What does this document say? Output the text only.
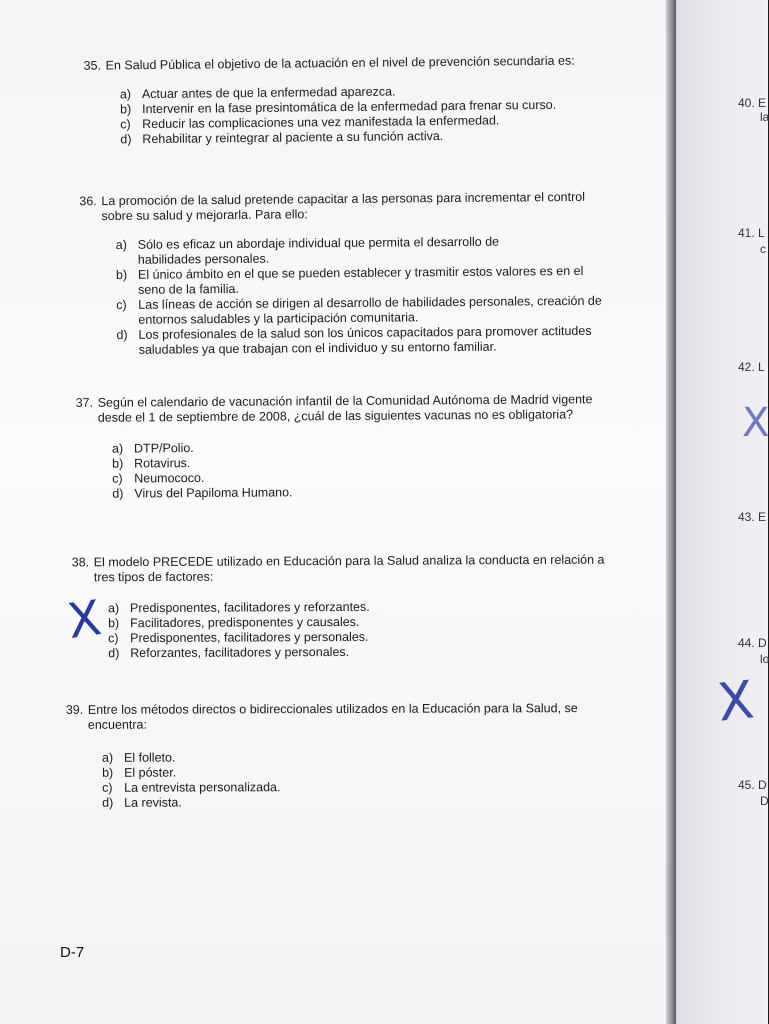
35. En Salud Pública el objetivo de la actuación en el nivel de prevención secundaria es:
a) Actuar antes de que la enfermedad aparezca.
b) Intervenir en la fase presintomática de la enfermedad para frenar su curso.
c) Reducir las complicaciones una vez manifestada la enfermedad.
d) Rehabilitar y reintegrar al paciente a su función activa.
36. La promoción de la salud pretende capacitar a las personas para incrementar el control sobre su salud y mejorarla. Para ello:
a) Sólo es eficaz un abordaje individual que permita el desarrollo de habilidades personales.
b) El único ámbito en el que se pueden establecer y trasmitir estos valores es en el seno de la familia.
c) Las líneas de acción se dirigen al desarrollo de habilidades personales, creación de entornos saludables y la participación comunitaria.
d) Los profesionales de la salud son los únicos capacitados para promover actitudes saludables ya que trabajan con el individuo y su entorno familiar.
37. Según el calendario de vacunación infantil de la Comunidad Autónoma de Madrid vigente desde el 1 de septiembre de 2008, ¿cuál de las siguientes vacunas no es obligatoria?
a) DTP/Polio.
b) Rotavirus.
c) Neumococo.
d) Virus del Papiloma Humano.
38. El modelo PRECEDE utilizado en Educación para la Salud analiza la conducta en relación a tres tipos de factores:
a) Predisponentes, facilitadores y reforzantes.
b) Facilitadores, predisponentes y causales.
c) Predisponentes, facilitadores y personales.
d) Reforzantes, facilitadores y personales.
X
39. Entre los métodos directos o bidireccionales utilizados en la Educación para la Salud, se encuentra:
a) El folleto.
b) El póster.
c) La entrevista personalizada.
d) La revista.
D-7
40. E
la
41. L
c
42. L
X
43. E
44. D
lo
X
45. D
D
